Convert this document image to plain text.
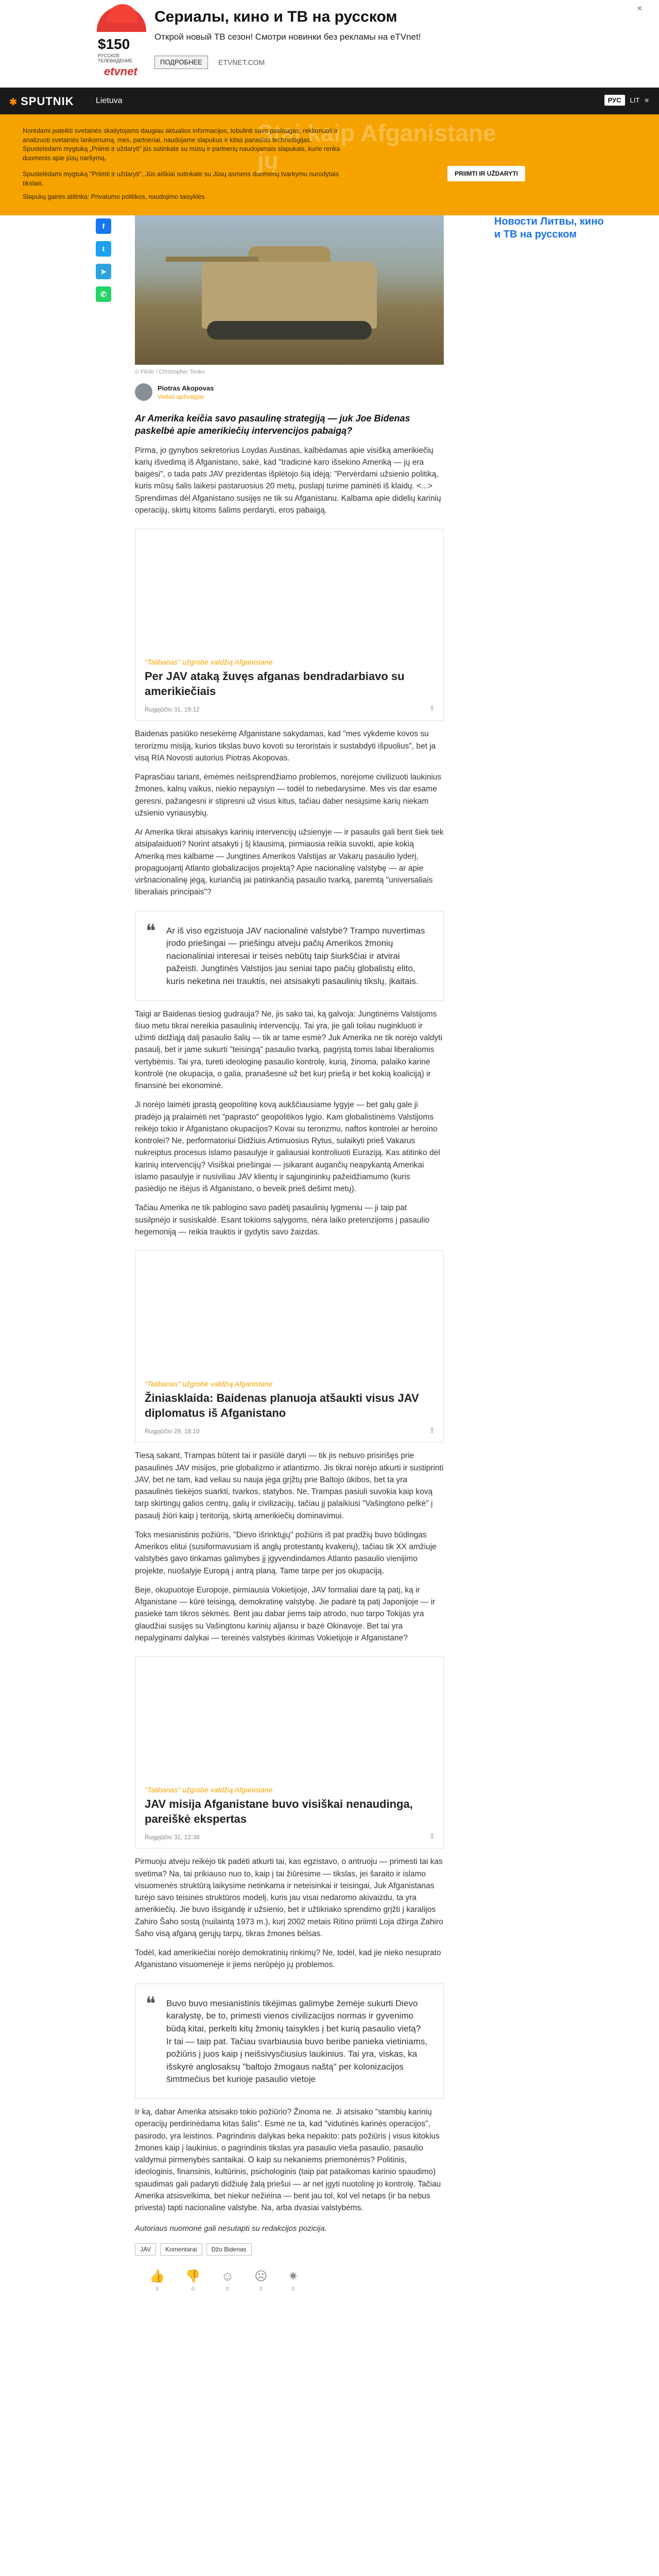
$150
РУССКОЕ ТЕЛЕВИДЕНИЕ
etvnet
Сериалы, кино и ТВ на русском
Открой новый ТВ сезон! Смотри новинки без рекламы на eTVnet!
ПОДРОБНЕЕ	ETVNET.COM
✕
✱ SPUTNIK	Lietuva	РУС	LIT ≡
Stai kaip Afganistane jų

Norėdami pateikti svetainės skaitytojams daugiau aktualios informacijos, tobulinti savo paslaugas, reklamuoti ir analizuoti svetainės lankomumą, mes, partneriai, naudojame slapukus ir kitas panašias technologijas. Spustelėdami mygtuką „Priimti ir uždaryti“ jūs sutinkate su mūsų ir partnerių naudojamais slapukais, kurie renka duomenis apie jūsų naršymą.

Spustelėdami mygtuką "Priimti ir uždaryti", Jūs aiškiai sutinkate su Jūsų asmens duomenų tvarkymu nurodytais tikslais.

Slapukų gairės atitinka: Privatumo politikos, naudojimo taisyklės

PRIIMTI IR UŽDARYTI
f
t
➤
✆
Новости Литвы, кино и ТВ на русском
© Flickr / Christopher Tenku
Piotras Akopovas
Vadas apžvalgas
Ar Amerika keičia savo pasaulinę strategiją — juk Joe Bidenas paskelbė apie amerikiečių intervencijos pabaigą?

Pirma, jo gynybos sekretorius Loydas Austinas, kalbėdamas apie visišką amerikiečių karių išvedimą iš Afganistano, sakė, kad "tradicinė karo išsekino Ameriką — jų era baigėsi", o tada pats JAV prezidentas išplėtojo šią idėją: "Pervėrdami užsienio politiką, kuris mūsų šalis laikesi pastaruosius 20 metų, puslapį turime paminėti iš klaidų. <...> Sprendimas dėl Afganistano susijęs ne tik su Afganistanu. Kalbama apie didelių karinių operacijų, skirtų kitoms šalims perdaryti, eros pabaigą.

"Talibanas" užgrobė valdžią Afganistane
Per JAV ataką žuvęs afganas bendradarbiavo su amerikiečiais
Rugpjūčio 31, 19:12	⇪

Baidenas pasiūko nesekėmę Afganistane sakydamas, kad "mes vykdeme kovos su terorizmu misiją, kurios tikslas buvo kovoti su teroristais ir sustabdyti išpuolius", bet ja visą RIA Novosti autorius Piotras Akopovas.

Paprasčiau tariant, ėmėmės neišsprendžiamo problemos, norėjome civilizuoti laukinius žmones, kalnų vaikus, niekio nepaysiyn — todėl to nebedarysime. Mes vis dar esame geresni, pažangesni ir stipresni už visus kitus, tačiau daber nesiųsime karių niekam užsienio vyriausybių.

Ar Amerika tikrai atsisakys karinių intervencijų užsienyje — ir pasaulis gali bent šiek tiek atsipalaiduoti? Norint atsakyti į šį klausimą, pirmiausia reikia suvokti, apie kokią Ameriką mes kalbame — Jungtines Amerikos Valstijas ar Vakarų pasaulio lyderį, propaguojantį Atlanto globalizacijos projektą? Apie nacionalinę valstybę — ar apie viršnacionalinę jėgą, kuriančią jai patinkančią pasaulio tvarką, paremtą "universaliais liberaliais principais"?

❝ Ar iš viso egzistuoja JAV nacionalinė valstybė? Trampo nuvertimas įrodo priešingai — priešingu atveju pačių Amerikos žmonių nacionaliniai interesai ir teisės nebūtų taip šiurkščiai ir atvirai pažeisti. Jungtinės Valstijos jau seniai tapo pačių globalistų elito, kuris neketina nei trauktis, nei atsisakyti pasaulinių tikslų, įkaitais.

Taigi ar Baidenas tiesiog gudrauja? Ne, jis sako tai, ką galvoja: Jungtinėms Valstijoms šiuo metu tikrai nereikia pasaulinių intervencijų. Tai yra, jie gali toliau nuginkluoti ir užimti didžiąją dalį pasaulio šalių — tik ar tame esmė? Juk Amerika ne tik norėjo valdyti pasaulį, bet ir jame sukurti "teisingą" pasaulio tvarką, pagrįstą tomis labai liberaliomis vertybėmis. Tai yra, tureti ideologinę pasaulio kontrolę, kurią, žinoma, palaiko karinė kontrolė (ne okupacija, o galia, pranašesnė už bet kurį priešą ir bet kokią koaliciją) ir finansinė bei ekonominė.

Ji norėjo laimėti įprastą geopolitinę kovą aukščiausiame lygyje — bet galų gale ji pradėjo ją pralaimėti net "paprasto" geopolitikos lygio. Kam globalistinėms Valstijoms reikėjo tokio ir Afganistano okupacijos? Kovai su terorizmu, naftos kontrolei ar heroino kontrolei? Ne, performatoriui Didžiuis Artimuosius Rytus, sulaikyti prieš Vakarus nukreiptus procesus islamo pasaulyje ir galiausiai kontroliuoti Euraziją. Kas atitinko dėl karinių intervencijų? Visiškai priešingai — įsikarant augančių neapykantą Amerikai islamo pasaulyje ir nusiviliau JAV klientų ir sąjungininkų pažeidžiamumo (kuris pasiėdijo ne išėjus iš Afganistano, o beveik prieš dešimt metų).

Tačiau Amerika ne tik pablogino savo padėtį pasaulinių lygmeniu — ji taip pat susilpnėjo ir susiskaldė. Esant tokioms sąlygoms, nėra laiko pretenzijoms į pasaulio hegemoniją — reikia trauktis ir gydytis savo žaizdas.

"Talibanas" užgrobė valdžią Afganistane
Žiniasklaida: Baidenas planuoja atšaukti visus JAV diplomatus iš Afganistano
Rugpjūčio 29, 18:10	⇪

Tiesą sakant, Trampas būtent tai ir pasiūlė daryti — tik jis nebuvo prisirišęs prie pasaulinės JAV misijos, prie globalizmo ir atlantizmo. Jis tikrai norėjo atkurti ir sustiprinti JAV, bet ne tam, kad veliau su nauja jėga grįžtų prie Baltojo ūkibos, bet ta yra pasaulinės tiekėjos suarkti, tvarkos, statybos. Ne, Trampas pasiuli suvokia kaip kovą tarp skirtingų galios centrų, galių ir civilizacijų, tačiau jį palaikiusi "Vašingtono pelkė" į pasaulį žiūri kaip į teritoriją, skirtą amerikiečių dominavimui.

Toks mesianistinis požiūris, "Dievo išrinktųjų" požiūris iš pat pradžių buvo būdingas Amerikos elitui (susiformavusiam iš anglų protestantų kvakerių), tačiau tik XX amžiuje valstybės gavo tinkamas galimybes jį įgyvendindamos Atlanto pasaulio vienijimo projekte, nuošalyje Europą į antrą planą. Tame tarpe per jos okupaciją.

Beje, okupuotoje Europoje, pirmiausia Vokietijoje, JAV formaliai darė tą patį, ką ir Afganistane — kūrė teisingą, demokratinę valstybę. Jie padarė tą patį Japonijoje — ir pasiekė tam tikros sėkmės. Bent jau dabar jiems taip atrodo, nuo tarpo Tokijas yra glaudžiai susijęs su Vašingtonu karinių aljansu ir bazė Okinavoje. Bet tai yra nepalyginami dalykai — tereinės valstybės ikirimas Vokietijoje ir Afganistane?

"Talibanas" užgrobė valdžią Afganistane
JAV misija Afganistane buvo visiškai nenaudinga, pareiškė ekspertas
Rugpjūčio 31, 12:38	⇪

Pirmuoju atveju reikėjo tik padėti atkurti tai, kas egzistavo, o antruoju — primesti tai kas svetima? Na, tai prikiauso nuo to, kaip į tai žiūrėsime — tikslas, jei šaraito ir islamo visuomenės struktūrą laikysime netinkama ir neteisinkai ir teisingai, Juk Afganistanas turėjo savo teisinės struktūros modelį, kuris jau visai nedaromo akivaizdu, ta yra amerikiečių. Jie buvo išsigandę ir užsienio, bet ir užtikriako sprendimo grįžti į karalijos Zahiro Šaho sostą (nuilaintą 1973 m.), kurį 2002 metais Ritino priimti Loja džirga Zahiro Šaho visą afganą gerųjų tarpų, tikras žmones bėlsas.

Todėl, kad amerikiečiai norėjo demokratinių rinkimų? Ne, todėl, kad jie nieko nesuprato Afganistano visuomenėje ir jiems nerūpėjo jų problemos.

❝ Buvo buvo mesianistinis tikėjimas galimybe žemėje sukurti Dievo karalystę, be to, primesti vienos civilizacijos normas ir gyvenimo būdą kitai, perkelti kitų žmonių taisykles į bet kurią pasaulio vietą? Ir tai — taip pat. Tačiau svarbiausia buvo beribe panieka vietiniams, požiūris į juos kaip į neišsivysčiusius laukinius. Tai yra, viskas, ka išskyrė anglosaksų "baltojo žmogaus naštą" per kolonizacijos šimtmečius bet kurioje pasaulio vietoje

Ir ką, dabar Amerika atsisako tokio požiūrio? Žinoma ne. Ji atsisako "stambių karinių operacijų perdirinėdama kitas šalis". Esmė ne ta, kad "vidutinės karinės operacijos", pasirodo, yra leistinos. Pagrindinis dalykas beka nepakito: pats požiūris į visus kitokius žmones kaip į laukinius, o pagrindinis tikslas yra pasaulio vieša pasaulio, pasaulio valdymui pirmenybės santaikai. O kaip su nekaniems priemonėmis? Politinis, ideologinis, finansinis, kultūrinis, psichologinis (taip pat pataikomas karinio spaudimo) spaudimas gali padaryti didžiulę žalą priešui — ar net įgyti nuotolinę jo kontrolę. Tačiau Amerika atsisvelkima, bet niekur nežiėina — bent jau tol, kol vel netaps (ir ba nebus privesta) tapti nacionaline valstybe. Na, arba dvasiai valstybėms.

Autoriaus nuomonė gali nesutapti su redakcijos pozicija.
JAV	Komentarai	Džo Bidenas
👍
3
👎
0
☺
0
☹
0
✷
0
